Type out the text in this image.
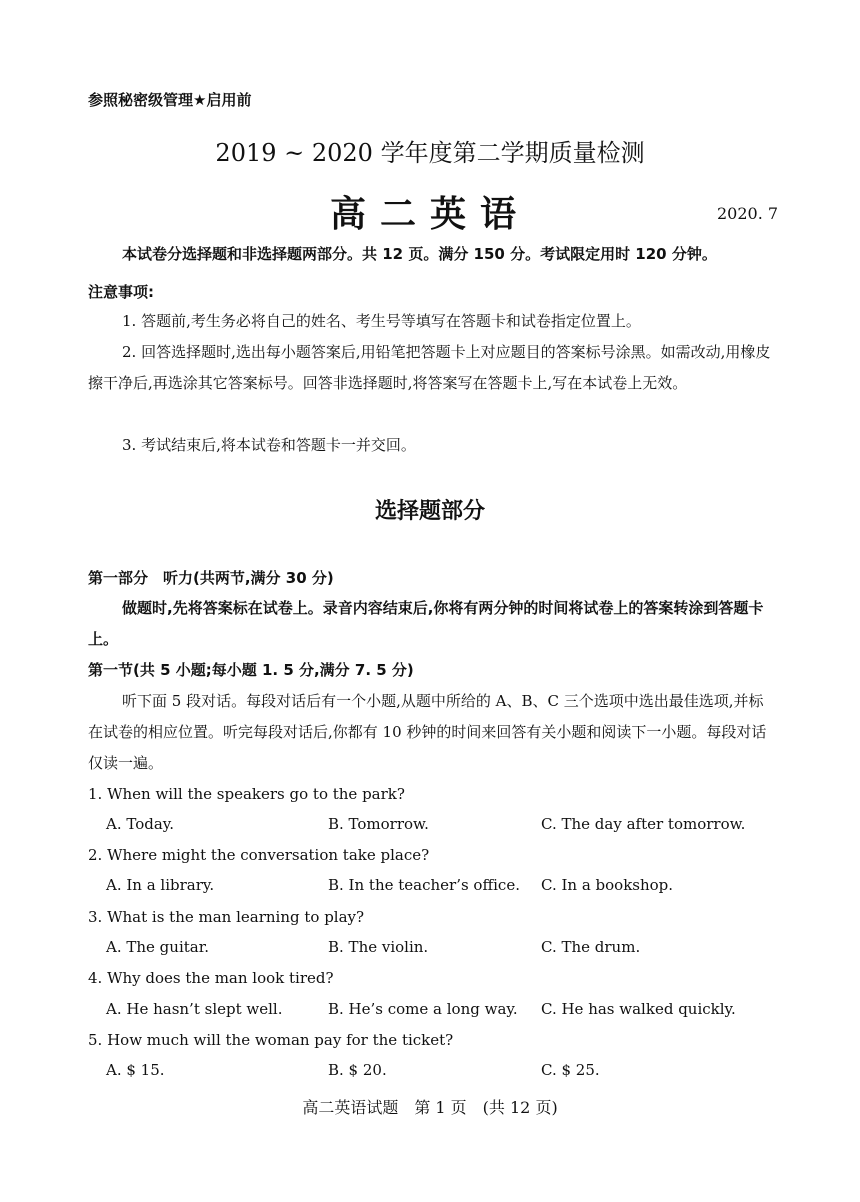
参照秘密级管理★启用前
2019 ~ 2020 学年度第二学期质量检测
高二英语	2020. 7
本试卷分选择题和非选择题两部分。共 12 页。满分 150 分。考试限定用时 120 分钟。
注意事项:
1. 答题前,考生务必将自己的姓名、考生号等填写在答题卡和试卷指定位置上。
2. 回答选择题时,选出每小题答案后,用铅笔把答题卡上对应题目的答案标号涂黑。如需改动,用橡皮擦干净后,再选涂其它答案标号。回答非选择题时,将答案写在答题卡上,写在本试卷上无效。
3. 考试结束后,将本试卷和答题卡一并交回。
选择题部分
第一部分　听力(共两节,满分 30 分)
做题时,先将答案标在试卷上。录音内容结束后,你将有两分钟的时间将试卷上的答案转涂到答题卡上。
第一节(共 5 小题;每小题 1. 5 分,满分 7. 5 分)
听下面 5 段对话。每段对话后有一个小题,从题中所给的 A、B、C 三个选项中选出最佳选项,并标在试卷的相应位置。听完每段对话后,你都有 10 秒钟的时间来回答有关小题和阅读下一小题。每段对话仅读一遍。
1. When will the speakers go to the park?
A. Today.	B. Tomorrow.	C. The day after tomorrow.
2. Where might the conversation take place?
A. In a library.	B. In the teacher’s office. C. In a bookshop.
3. What is the man learning to play?
A. The guitar.	B. The violin.	C. The drum.
4. Why does the man look tired?
A. He hasn’t slept well.	B. He’s come a long way. C. He has walked quickly.
5. How much will the woman pay for the ticket?
A. $ 15.	B. $ 20.	C. $ 25.
高二英语试题　第 1 页　(共 12 页)
